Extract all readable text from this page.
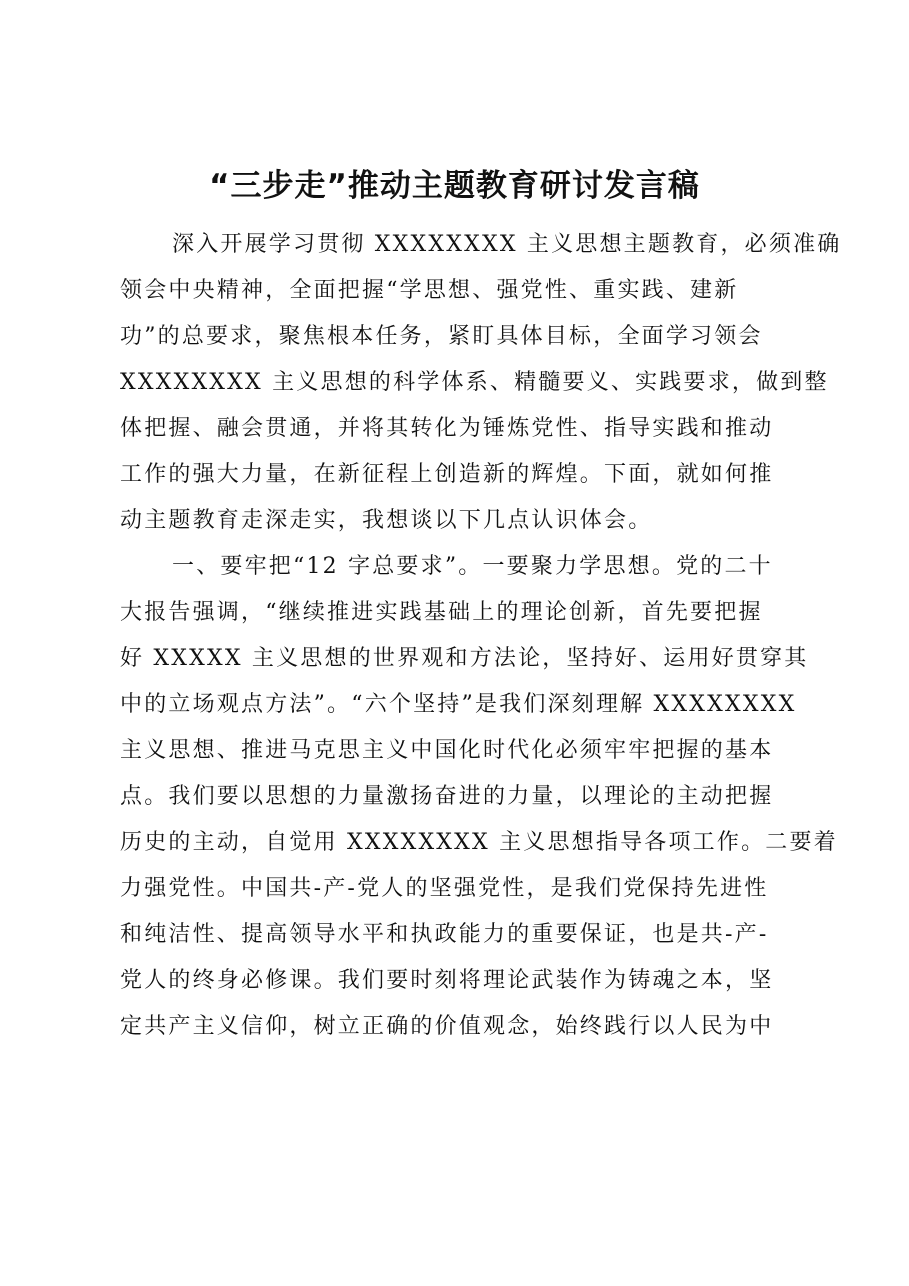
“三步走”推动主题教育研讨发言稿
深入开展学习贯彻 XXXXXXXX 主义思想主题教育，必须准确
领会中央精神，全面把握“学思想、强党性、重实践、建新
功”的总要求，聚焦根本任务，紧盯具体目标，全面学习领会
XXXXXXXX 主义思想的科学体系、精髓要义、实践要求，做到整
体把握、融会贯通，并将其转化为锤炼党性、指导实践和推动
工作的强大力量，在新征程上创造新的辉煌。下面，就如何推
动主题教育走深走实，我想谈以下几点认识体会。
一、要牢把“12 字总要求”。一要聚力学思想。党的二十
大报告强调，“继续推进实践基础上的理论创新，首先要把握
好 XXXXX 主义思想的世界观和方法论，坚持好、运用好贯穿其
中的立场观点方法”。“六个坚持”是我们深刻理解 XXXXXXXX
主义思想、推进马克思主义中国化时代化必须牢牢把握的基本
点。我们要以思想的力量激扬奋进的力量，以理论的主动把握
历史的主动，自觉用 XXXXXXXX 主义思想指导各项工作。二要着
力强党性。中国共-产-党人的坚强党性，是我们党保持先进性
和纯洁性、提高领导水平和执政能力的重要保证，也是共-产-
党人的终身必修课。我们要时刻将理论武装作为铸魂之本，坚
定共产主义信仰，树立正确的价值观念，始终践行以人民为中
